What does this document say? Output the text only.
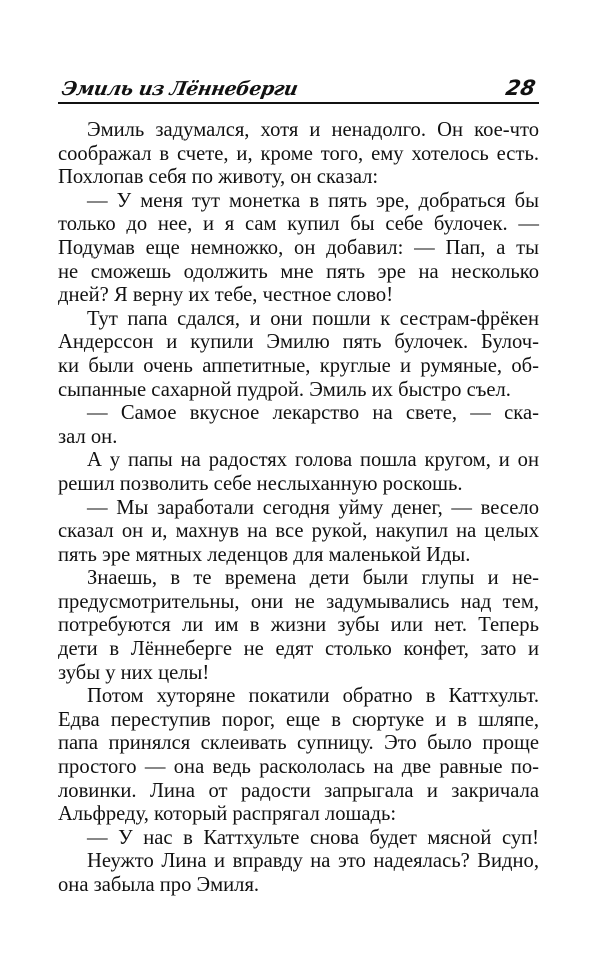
Эмиль из Лённеберги	28
Эмиль задумался, хотя и ненадолго. Он кое-что
соображал в счете, и, кроме того, ему хотелось есть.
Похлопав себя по животу, он сказал:
— У меня тут монетка в пять эре, добраться бы
только до нее, и я сам купил бы себе булочек. —
Подумав еще немножко, он добавил: — Пап, а ты
не сможешь одолжить мне пять эре на несколько
дней? Я верну их тебе, честное слово!
Тут папа сдался, и они пошли к сестрам-фрёкен
Андерссон и купили Эмилю пять булочек. Булоч-
ки были очень аппетитные, круглые и румяные, об-
сыпанные сахарной пудрой. Эмиль их быстро съел.
— Самое вкусное лекарство на свете, — ска-
зал он.
А у папы на радостях голова пошла кругом, и он
решил позволить себе неслыханную роскошь.
— Мы заработали сегодня уйму денег, — весело
сказал он и, махнув на все рукой, накупил на целых
пять эре мятных леденцов для маленькой Иды.
Знаешь, в те времена дети были глупы и не-
предусмотрительны, они не задумывались над тем,
потребуются ли им в жизни зубы или нет. Теперь
дети в Лённеберге не едят столько конфет, зато и
зубы у них целы!
Потом хуторяне покатили обратно в Каттхульт.
Едва переступив порог, еще в сюртуке и в шляпе,
папа принялся склеивать супницу. Это было проще
простого — она ведь раскололась на две равные по-
ловинки. Лина от радости запрыгала и закричала
Альфреду, который распрягал лошадь:
— У нас в Каттхульте снова будет мясной суп!
Неужто Лина и вправду на это надеялась? Видно,
она забыла про Эмиля.
